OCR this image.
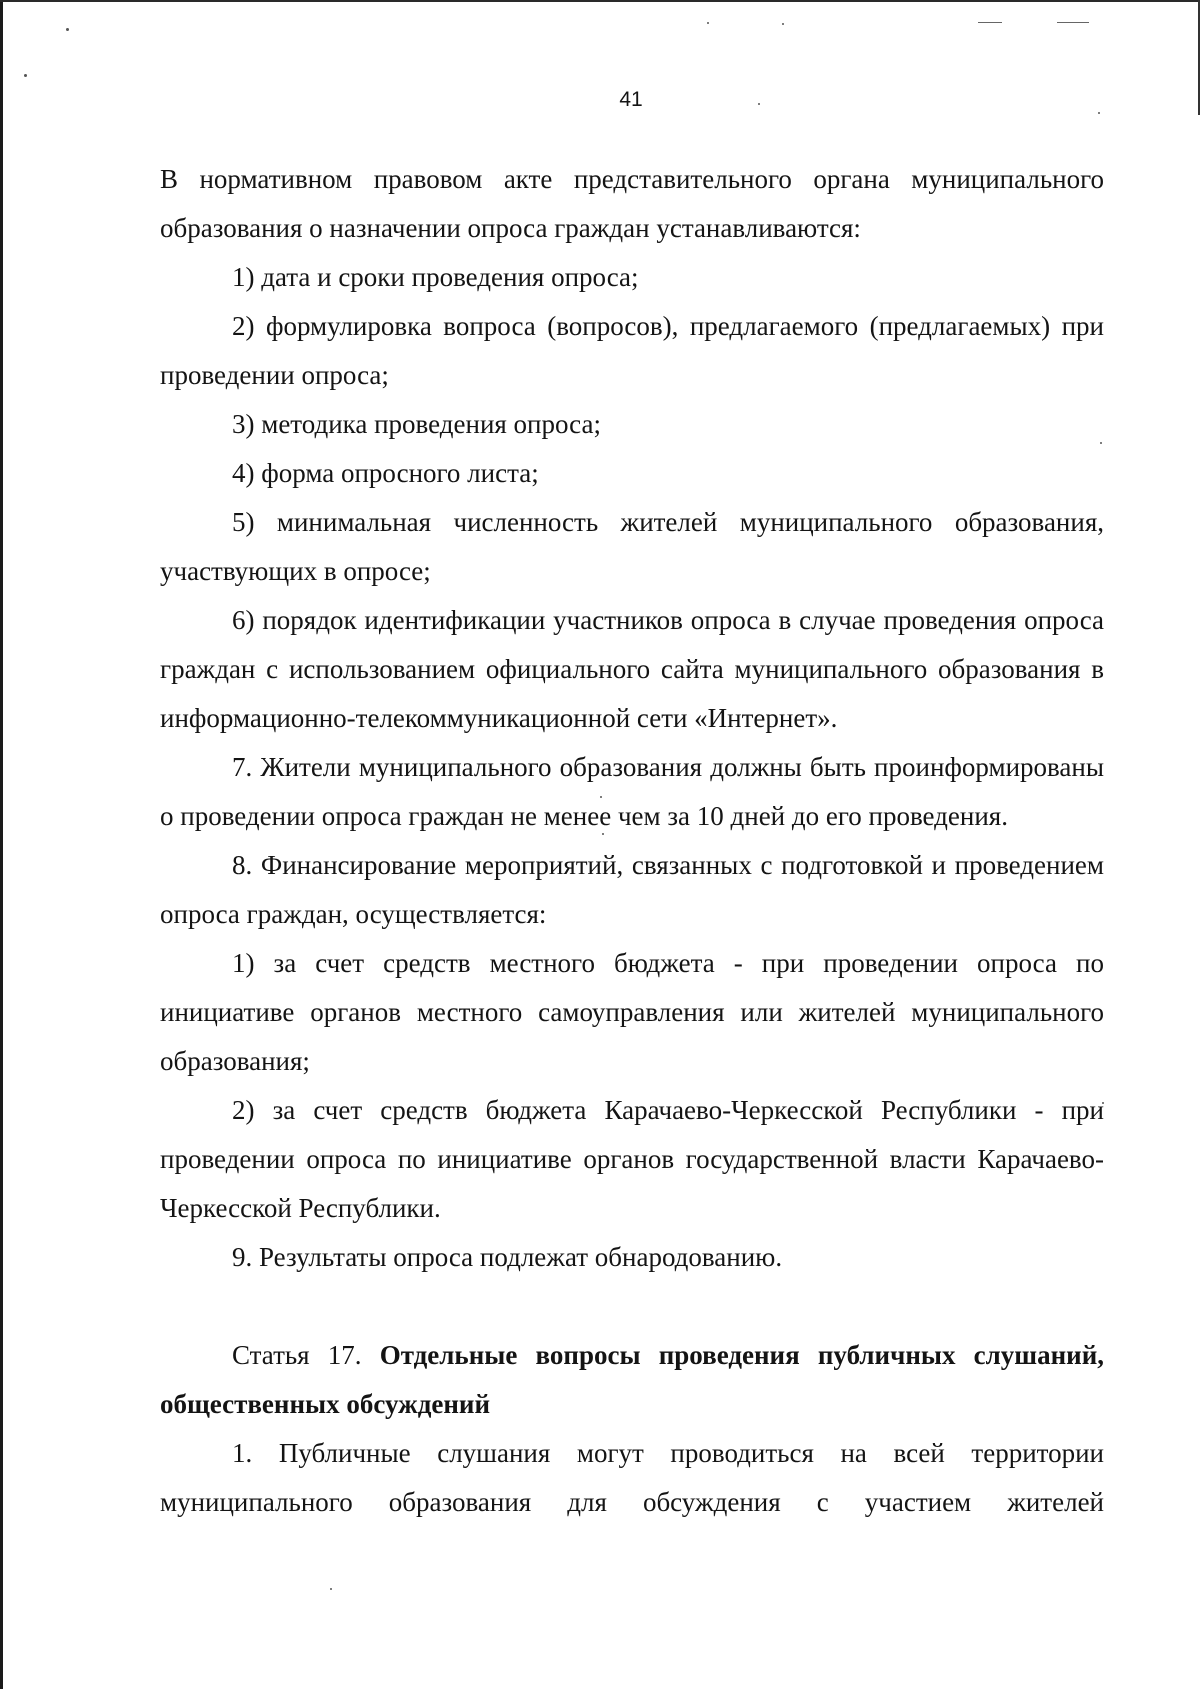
41

В нормативном правовом акте представительного органа муниципального образования о назначении опроса граждан устанавливаются:

1) дата и сроки проведения опроса;

2) формулировка вопроса (вопросов), предлагаемого (предлагаемых) при проведении опроса;

3) методика проведения опроса;

4) форма опросного листа;

5) минимальная численность жителей муниципального образования, участвующих в опросе;

6) порядок идентификации участников опроса в случае проведения опроса граждан с использованием официального сайта муниципального образования в информационно-телекоммуникационной сети «Интернет».

7. Жители муниципального образования должны быть проинформированы о проведении опроса граждан не менее чем за 10 дней до его проведения.

8. Финансирование мероприятий, связанных с подготовкой и проведением опроса граждан, осуществляется:

1) за счет средств местного бюджета - при проведении опроса по инициативе органов местного самоуправления или жителей муниципального образования;

2) за счет средств бюджета Карачаево-Черкесской Республики - при проведении опроса по инициативе органов государственной власти Карачаево-Черкесской Республики.

9. Результаты опроса подлежат обнародованию.

Статья 17. Отдельные вопросы проведения публичных слушаний, общественных обсуждений

1. Публичные слушания могут проводиться на всей территории муниципального образования для обсуждения с участием жителей
